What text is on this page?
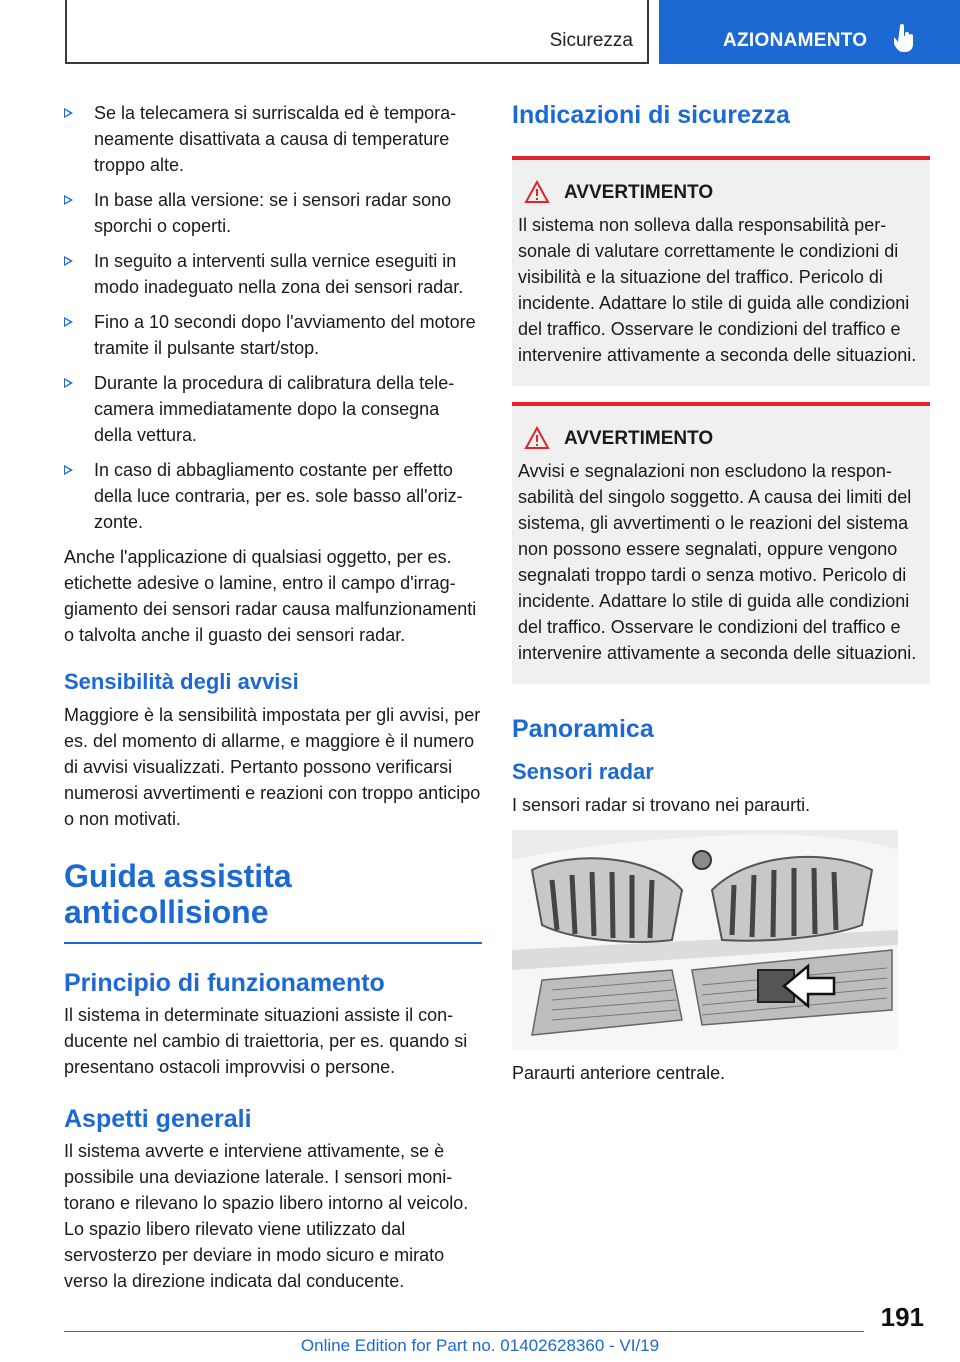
Sicurezza	AZIONAMENTO
Se la telecamera si surriscalda ed è temporaneamente disattivata a causa di temperature troppo alte.
In base alla versione: se i sensori radar sono sporchi o coperti.
In seguito a interventi sulla vernice eseguiti in modo inadeguato nella zona dei sensori radar.
Fino a 10 secondi dopo l'avviamento del motore tramite il pulsante start/stop.
Durante la procedura di calibratura della telecamera immediatamente dopo la consegna della vettura.
In caso di abbagliamento costante per effetto della luce contraria, per es. sole basso all'orizzonte.

Anche l'applicazione di qualsiasi oggetto, per es. etichette adesive o lamine, entro il campo d'irraggiamento dei sensori radar causa malfunzionamenti o talvolta anche il guasto dei sensori radar.

Sensibilità degli avvisi

Maggiore è la sensibilità impostata per gli avvisi, per es. del momento di allarme, e maggiore è il numero di avvisi visualizzati. Pertanto possono verificarsi numerosi avvertimenti e reazioni con troppo anticipo o non motivati.

Guida assistita anticollisione
Principio di funzionamento

Il sistema in determinate situazioni assiste il conducente nel cambio di traiettoria, per es. quando si presentano ostacoli improvvisi o persone.

Aspetti generali

Il sistema avverte e interviene attivamente, se è possibile una deviazione laterale. I sensori monitorano e rilevano lo spazio libero intorno al veicolo. Lo spazio libero rilevato viene utilizzato dal servosterzo per deviare in modo sicuro e mirato verso la direzione indicata dal conducente.

Indicazioni di sicurezza
AVVERTIMENTO

Il sistema non solleva dalla responsabilità personale di valutare correttamente le condizioni di visibilità e la situazione del traffico. Pericolo di incidente. Adattare lo stile di guida alle condizioni del traffico. Osservare le condizioni del traffico e intervenire attivamente a seconda delle situazioni.

AVVERTIMENTO

Avvisi e segnalazioni non escludono la responsabilità del singolo soggetto. A causa dei limiti del sistema, gli avvertimenti o le reazioni del sistema non possono essere segnalati, oppure vengono segnalati troppo tardi o senza motivo. Pericolo di incidente. Adattare lo stile di guida alle condizioni del traffico. Osservare le condizioni del traffico e intervenire attivamente a seconda delle situazioni.

Panoramica
Sensori radar

I sensori radar si trovano nei paraurti.

Paraurti anteriore centrale.

191
Online Edition for Part no. 01402628360 - VI/19
